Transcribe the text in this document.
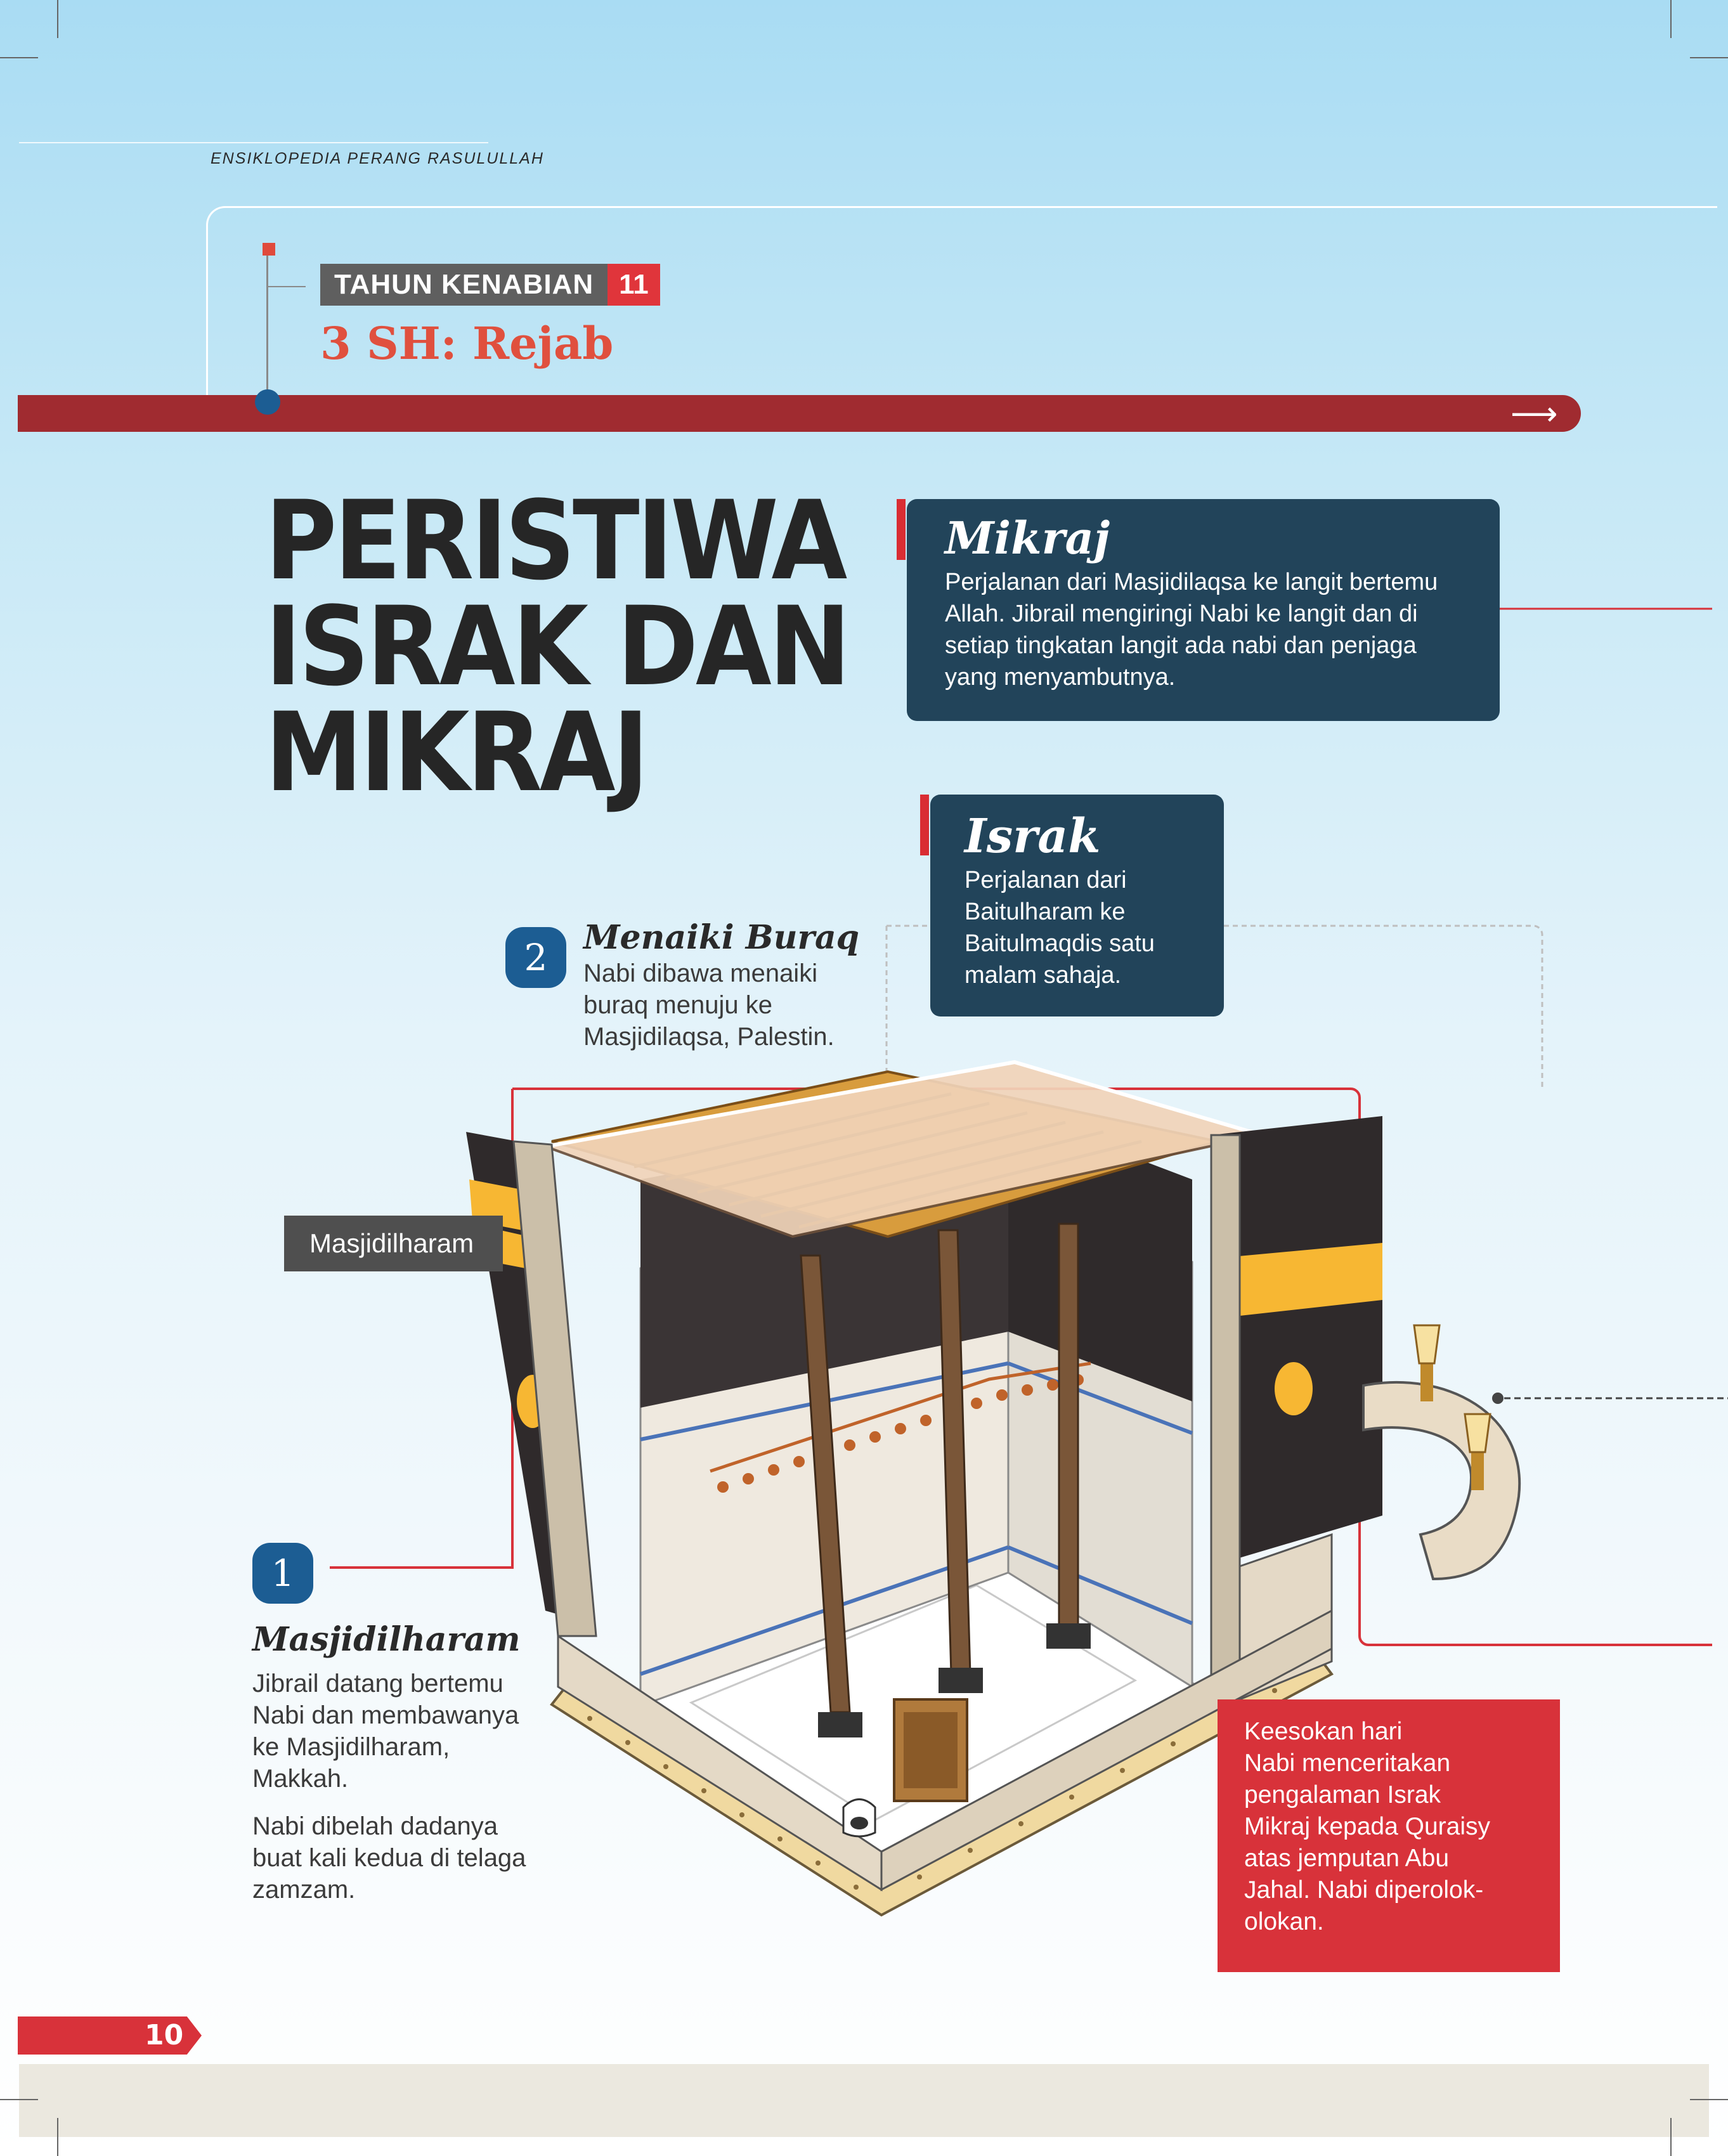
ENSIKLOPEDIA PERANG RASULULLAH
TAHUN KENABIAN 11
3 SH: Rejab
⟶
PERISTIWA
ISRAK DAN
MIKRAJ
Mikraj
Perjalanan dari Masjidilaqsa ke langit bertemu
Allah. Jibrail mengiringi Nabi ke langit dan di
setiap tingkatan langit ada nabi dan penjaga
yang menyambutnya.
Israk
Perjalanan dari
Baitulharam ke
Baitulmaqdis satu
malam sahaja.
2	Menaiki Buraq
Nabi dibawa menaiki
buraq menuju ke
Masjidilaqsa, Palestin.
Masjidilharam
1
Masjidilharam
Jibrail datang bertemu
Nabi dan membawanya
ke Masjidilharam,
Makkah.
Nabi dibelah dadanya
buat kali kedua di telaga
zamzam.
Keesokan hari
Nabi menceritakan
pengalaman Israk
Mikraj kepada Quraisy
atas jemputan Abu
Jahal. Nabi diperolok-
olokan.
10
